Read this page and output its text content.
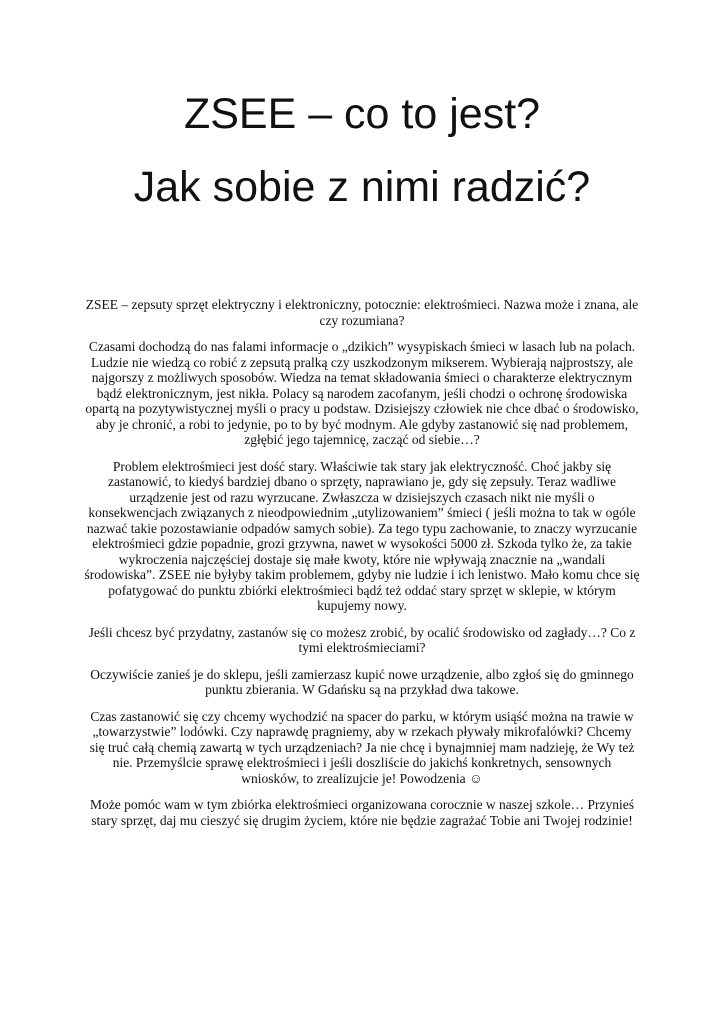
ZSEE – co to jest?
Jak sobie z nimi radzić?

ZSEE – zepsuty sprzęt elektryczny i elektroniczny, potocznie: elektrośmieci. Nazwa może i znana, ale czy rozumiana?

Czasami dochodzą do nas falami informacje o „dzikich” wysypiskach śmieci w lasach lub na polach. Ludzie nie wiedzą co robić z zepsutą pralką czy uszkodzonym mikserem. Wybierają najprostszy, ale najgorszy z możliwych sposobów. Wiedza na temat składowania śmieci o charakterze elektrycznym bądź elektronicznym, jest nikła. Polacy są narodem zacofanym, jeśli chodzi o ochronę środowiska opartą na pozytywistycznej myśli o pracy u podstaw. Dzisiejszy człowiek nie chce dbać o środowisko, aby je chronić, a robi to jedynie, po to by być modnym. Ale gdyby zastanowić się nad problemem, zgłębić jego tajemnicę, zacząć od siebie…?

Problem elektrośmieci jest dość stary. Właściwie tak stary jak elektryczność. Choć jakby się zastanowić, to kiedyś bardziej dbano o sprzęty, naprawiano je, gdy się zepsuły. Teraz wadliwe urządzenie jest od razu wyrzucane. Zwłaszcza w dzisiejszych czasach nikt nie myśli o konsekwencjach związanych z nieodpowiednim „utylizowaniem” śmieci ( jeśli można to tak w ogóle nazwać takie pozostawianie odpadów samych sobie). Za tego typu zachowanie, to znaczy wyrzucanie elektrośmieci gdzie popadnie, grozi grzywna, nawet w wysokości 5000 zł. Szkoda tylko że, za takie wykroczenia najczęściej dostaje się małe kwoty, które nie wpływają znacznie na „wandali środowiska”. ZSEE nie byłyby takim problemem, gdyby nie ludzie i ich lenistwo. Mało komu chce się pofatygować do punktu zbiórki elektrośmieci bądź też oddać stary sprzęt w sklepie, w którym kupujemy nowy.

Jeśli chcesz być przydatny, zastanów się co możesz zrobić, by ocalić środowisko od zagłady…? Co z tymi elektrośmieciami?

Oczywiście zanieś je do sklepu, jeśli zamierzasz kupić nowe urządzenie, albo zgłoś się do gminnego punktu zbierania. W Gdańsku są na przykład dwa takowe.

Czas zastanowić się czy chcemy wychodzić na spacer do parku, w którym usiąść można na trawie w „towarzystwie” lodówki. Czy naprawdę pragniemy, aby w rzekach pływały mikrofalówki? Chcemy się truć całą chemią zawartą w tych urządzeniach? Ja nie chcę i bynajmniej mam nadzieję, że Wy też nie. Przemyślcie sprawę elektrośmieci i jeśli doszliście do jakichś konkretnych, sensownych wniosków, to zrealizujcie je! Powodzenia ☺

Może pomóc wam w tym zbiórka elektrośmieci organizowana corocznie w naszej szkole… Przynieś stary sprzęt, daj mu cieszyć się drugim życiem, które nie będzie zagrażać Tobie ani Twojej rodzinie!
